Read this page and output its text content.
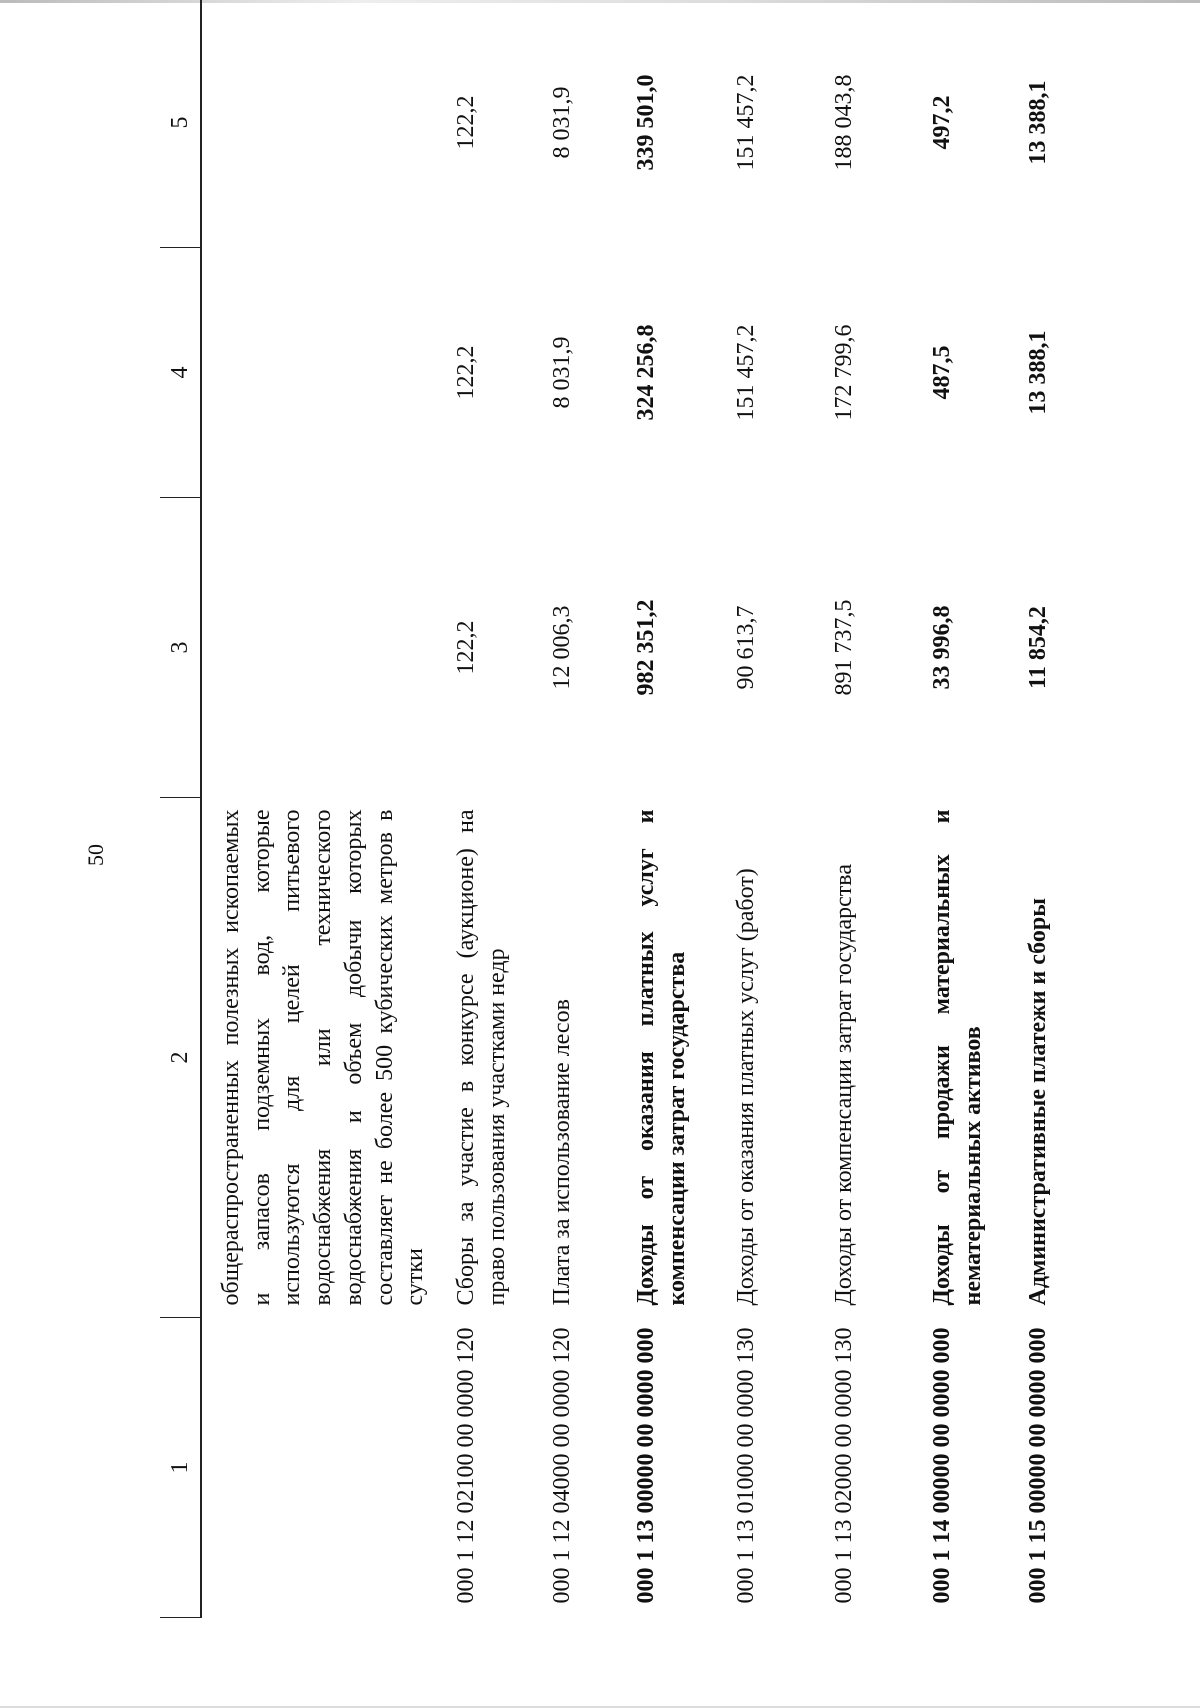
50
1	2	3	4	5
	общераспространенных полезных ископаемых и запасов подземных вод, которые используются для целей питьевого водоснабжения или технического водоснабжения и объем добычи которых составляет не более 500 кубических метров в сутки			
000 1 12 02100 00 0000 120	Сборы за участие в конкурсе (аукционе) на право пользования участками недр	122,2	122,2	122,2
000 1 12 04000 00 0000 120	Плата за использование лесов	12 006,3	8 031,9	8 031,9
000 1 13 00000 00 0000 000	Доходы от оказания платных услуг и компенсации затрат государства	982 351,2	324 256,8	339 501,0
000 1 13 01000 00 0000 130	Доходы от оказания платных услуг (работ)	90 613,7	151 457,2	151 457,2
000 1 13 02000 00 0000 130	Доходы от компенсации затрат государства	891 737,5	172 799,6	188 043,8
000 1 14 00000 00 0000 000	Доходы от продажи материальных и нематериальных активов	33 996,8	487,5	497,2
000 1 15 00000 00 0000 000	Административные платежи и сборы	11 854,2	13 388,1	13 388,1
